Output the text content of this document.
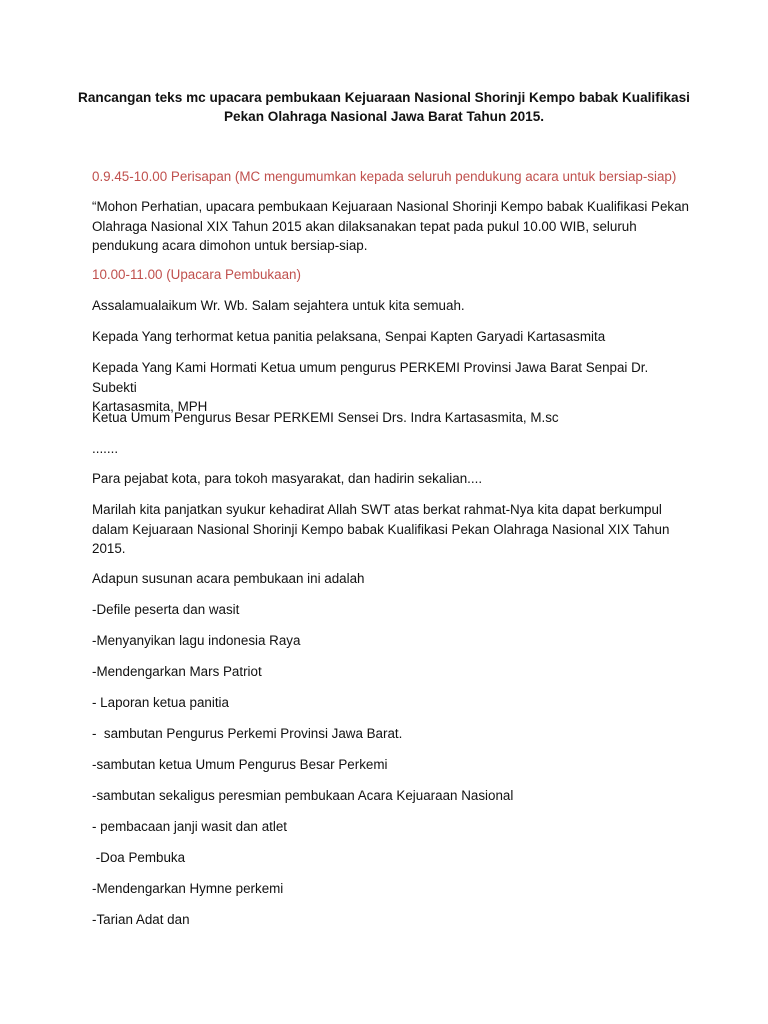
Rancangan teks mc upacara pembukaan Kejuaraan Nasional Shorinji Kempo babak Kualifikasi
Pekan Olahraga Nasional Jawa Barat Tahun 2015.
0.9.45-10.00 Perisapan (MC mengumumkan kepada seluruh pendukung acara untuk bersiap-siap)
“Mohon Perhatian, upacara pembukaan Kejuaraan Nasional Shorinji Kempo babak Kualifikasi Pekan
Olahraga Nasional XIX Tahun 2015 akan dilaksanakan tepat pada pukul 10.00 WIB, seluruh
pendukung acara dimohon untuk bersiap-siap.
10.00-11.00 (Upacara Pembukaan)
Assalamualaikum Wr. Wb. Salam sejahtera untuk kita semuah.
Kepada Yang terhormat ketua panitia pelaksana, Senpai Kapten Garyadi Kartasasmita
Kepada Yang Kami Hormati Ketua umum pengurus PERKEMI Provinsi Jawa Barat Senpai Dr. Subekti
Kartasasmita, MPH
Ketua Umum Pengurus Besar PERKEMI Sensei Drs. Indra Kartasasmita, M.sc
.......
Para pejabat kota, para tokoh masyarakat, dan hadirin sekalian....
Marilah kita panjatkan syukur kehadirat Allah SWT atas berkat rahmat-Nya kita dapat berkumpul
dalam Kejuaraan Nasional Shorinji Kempo babak Kualifikasi Pekan Olahraga Nasional XIX Tahun
2015.
Adapun susunan acara pembukaan ini adalah
-Defile peserta dan wasit
-Menyanyikan lagu indonesia Raya
-Mendengarkan Mars Patriot
- Laporan ketua panitia
-  sambutan Pengurus Perkemi Provinsi Jawa Barat.
-sambutan ketua Umum Pengurus Besar Perkemi
-sambutan sekaligus peresmian pembukaan Acara Kejuaraan Nasional
- pembacaan janji wasit dan atlet
-Doa Pembuka
-Mendengarkan Hymne perkemi
-Tarian Adat dan
